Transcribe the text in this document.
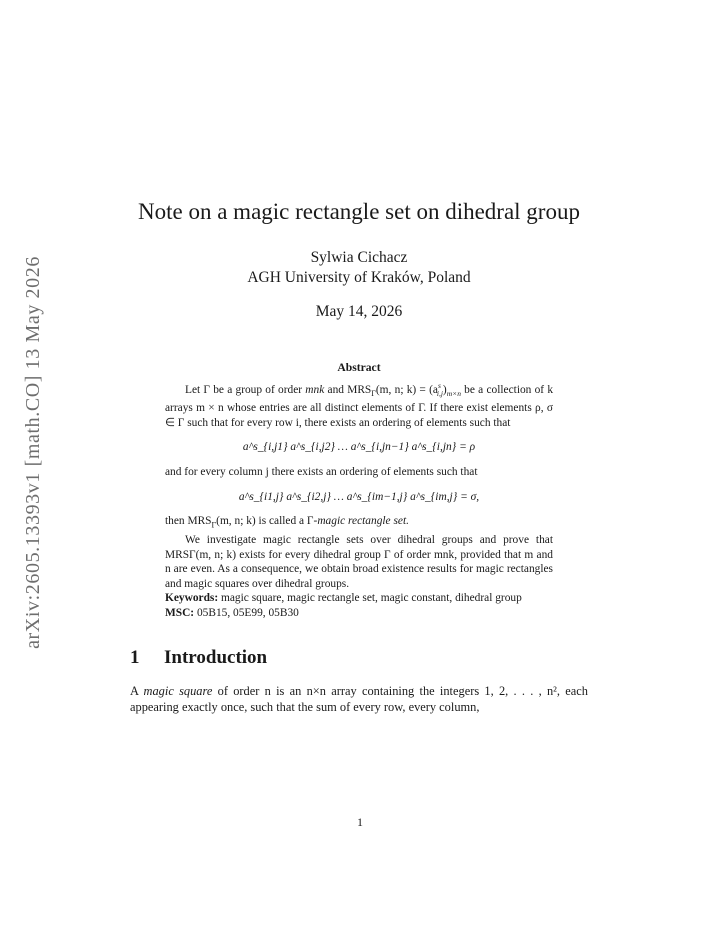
arXiv:2605.13393v1 [math.CO] 13 May 2026
Note on a magic rectangle set on dihedral group
Sylwia Cichacz
AGH University of Kraków, Poland
May 14, 2026
Abstract
Let Γ be a group of order mnk and $MRS_\Gamma(m$, n; $k) = (a^s_{i,j})_{m\times n}$ be a collection of k arrays m × n whose entries are all distinct elements of Γ. If there exist elements ρ, σ ∈ Γ such that for every row i, there exists an ordering of elements such that
a^s_{i,j1} a^s_{i,j2} … a^s_{i,jn−1} a^s_{i,jn} = ρ
and for every column j there exists an ordering of elements such that
a^s_{i1,j} a^s_{i2,j} … a^s_{im−1,j} a^s_{im,j} = σ,
then $MRS_\Gamma(m$, n; k) is called a Γ-magic rectangle set.
We investigate magic rectangle sets over dihedral groups and prove that MRSΓ(m, n; k) exists for every dihedral group Γ of order mnk, provided that m and n are even. As a consequence, we obtain broad existence results for magic rectangles and magic squares over dihedral groups.
Keywords: magic square, magic rectangle set, magic constant, dihedral group
MSC: 05B15, 05E99, 05B30
1 Introduction
A magic square of order n is an n×n array containing the integers 1, 2, . . . , n², each appearing exactly once, such that the sum of every row, every column,
1
